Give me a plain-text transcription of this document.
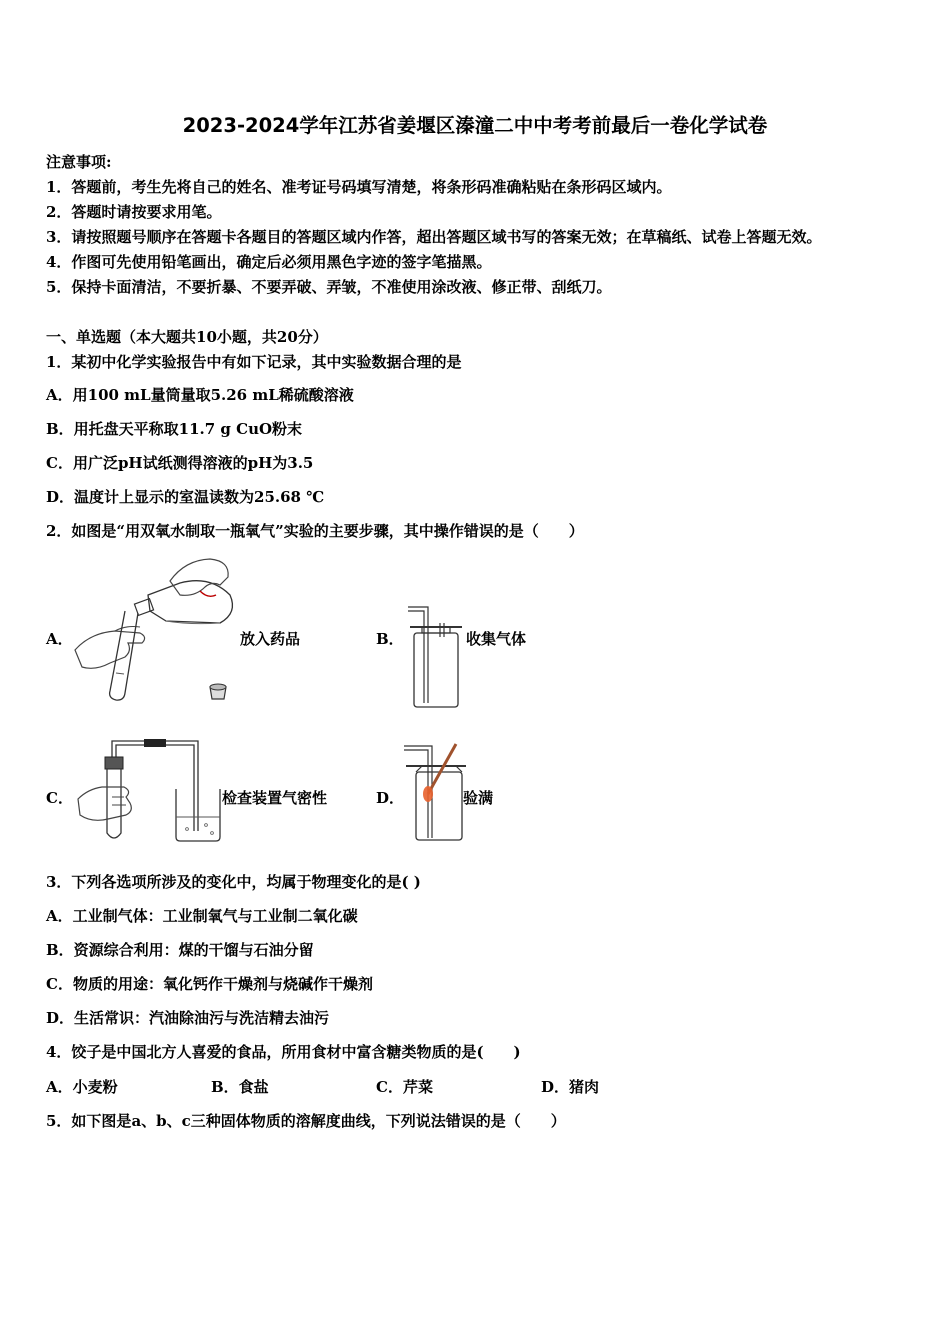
2023-2024学年江苏省姜堰区溱潼二中中考考前最后一卷化学试卷
注意事项:
1．答题前，考生先将自己的姓名、准考证号码填写清楚，将条形码准确粘贴在条形码区域内。
2．答题时请按要求用笔。
3．请按照题号顺序在答题卡各题目的答题区域内作答，超出答题区域书写的答案无效；在草稿纸、试卷上答题无效。
4．作图可先使用铅笔画出，确定后必须用黑色字迹的签字笔描黑。
5．保持卡面清洁，不要折暴、不要弄破、弄皱，不准使用涂改液、修正带、刮纸刀。
一、单选题（本大题共10小题，共20分）
1．某初中化学实验报告中有如下记录，其中实验数据合理的是
A．用100 mL量筒量取5.26 mL稀硫酸溶液
B．用托盘天平称取11.7 g CuO粉末
C．用广泛pH试纸测得溶液的pH为3.5
D．温度计上显示的室温读数为25.68 ℃
2．如图是“用双氧水制取一瓶氧气”实验的主要步骤，其中操作错误的是（　　）
A．	放入药品	B．	收集气体
C．	检查装置气密性	D．	验满
3．下列各选项所涉及的变化中，均属于物理变化的是( )
A．工业制气体：工业制氧气与工业制二氧化碳
B．资源综合利用：煤的干馏与石油分留
C．物质的用途：氧化钙作干燥剂与烧碱作干燥剂
D．生活常识：汽油除油污与洗洁精去油污
4．饺子是中国北方人喜爱的食品，所用食材中富含糖类物质的是(　　)
A．小麦粉	B．食盐	C．芹菜	D．猪肉
5．如下图是a、b、c三种固体物质的溶解度曲线，下列说法错误的是（　　）
